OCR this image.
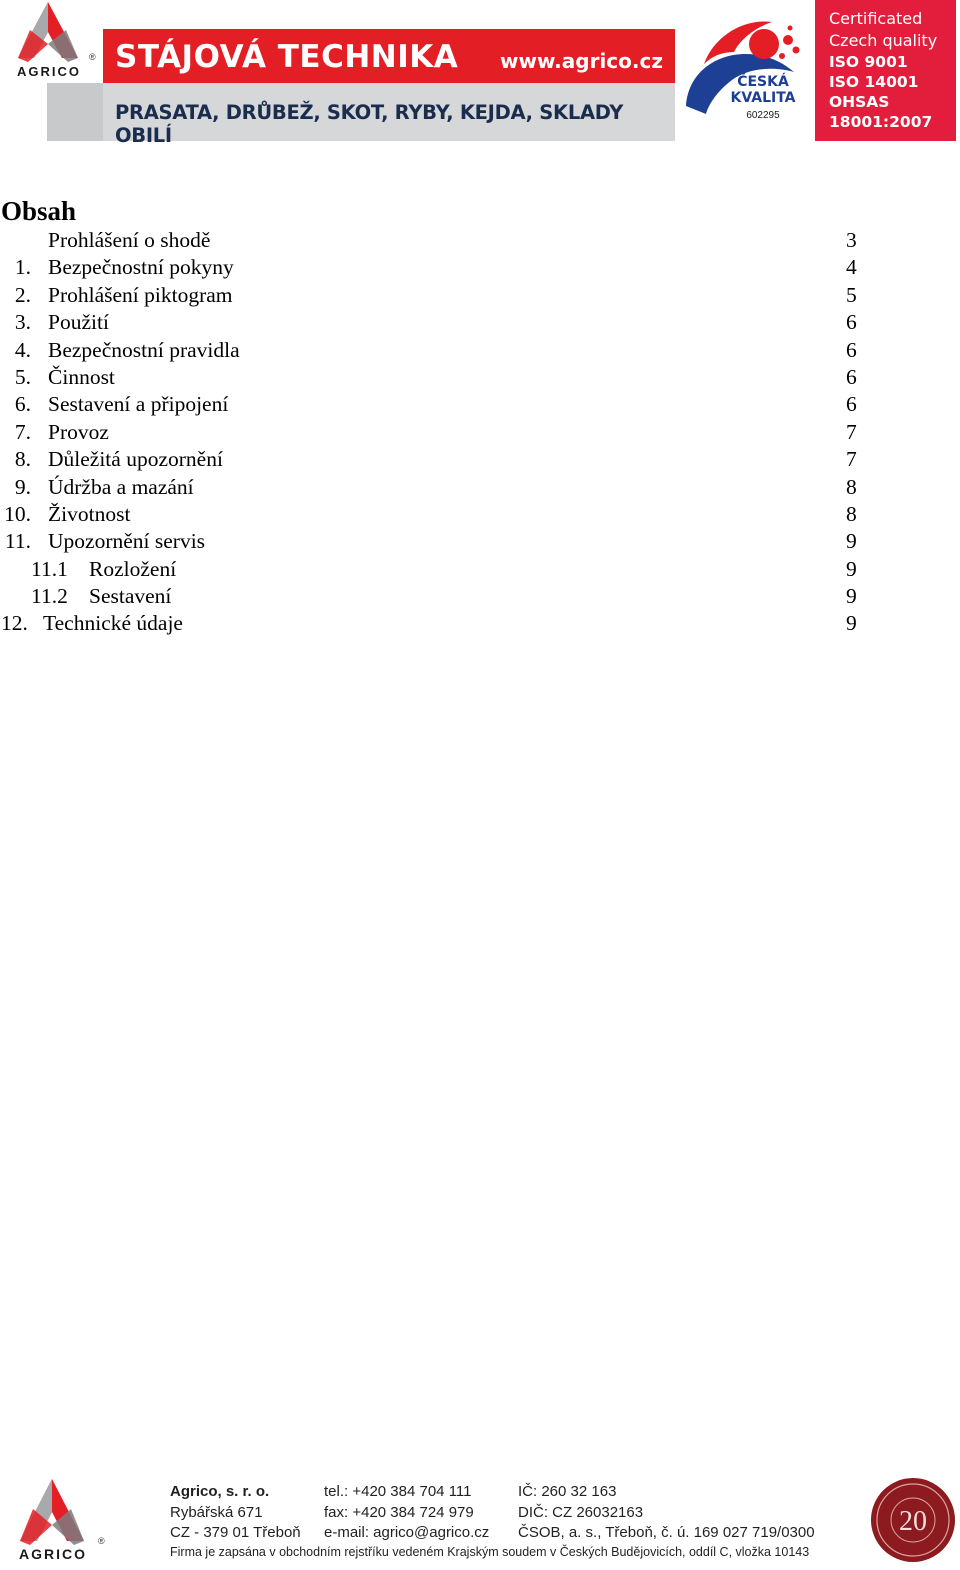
®
AGRICO	STÁJOVÁ TECHNIKA www.agrico.cz
PRASATA, DRŮBEŽ, SKOT, RYBY, KEJDA, SKLADY OBILÍ
ČESKÁ
KVALITA
602295
Certificated
Czech quality
ISO 9001
ISO 14001
OHSAS
18001:2007
Obsah
Prohlášení o shodě	3
1. Bezpečnostní pokyny	4
2. Prohlášení piktogram	5
3. Použití	6
4. Bezpečnostní pravidla	6
5. Činnost	6
6. Sestavení a připojení	6
7. Provoz	7
8. Důležitá upozornění	7
9. Údržba a mazání	8
10. Životnost	8
11. Upozornění servis	9
11.1 Rozložení	9
11.2 Sestavení	9
12. Technické údaje	9
®
AGRICO
Agrico, s. r. o.
Rybářská 671
CZ - 379 01 Třeboň
tel.: +420 384 704 111
fax: +420 384 724 979
e-mail: agrico@agrico.cz
IČ: 260 32 163
DIČ: CZ 26032163
ČSOB, a. s., Třeboň, č. ú. 169 027 719/0300
Firma je zapsána v obchodním rejstříku vedeném Krajským soudem v Českých Budějovicích, oddíl C, vložka 10143
20
